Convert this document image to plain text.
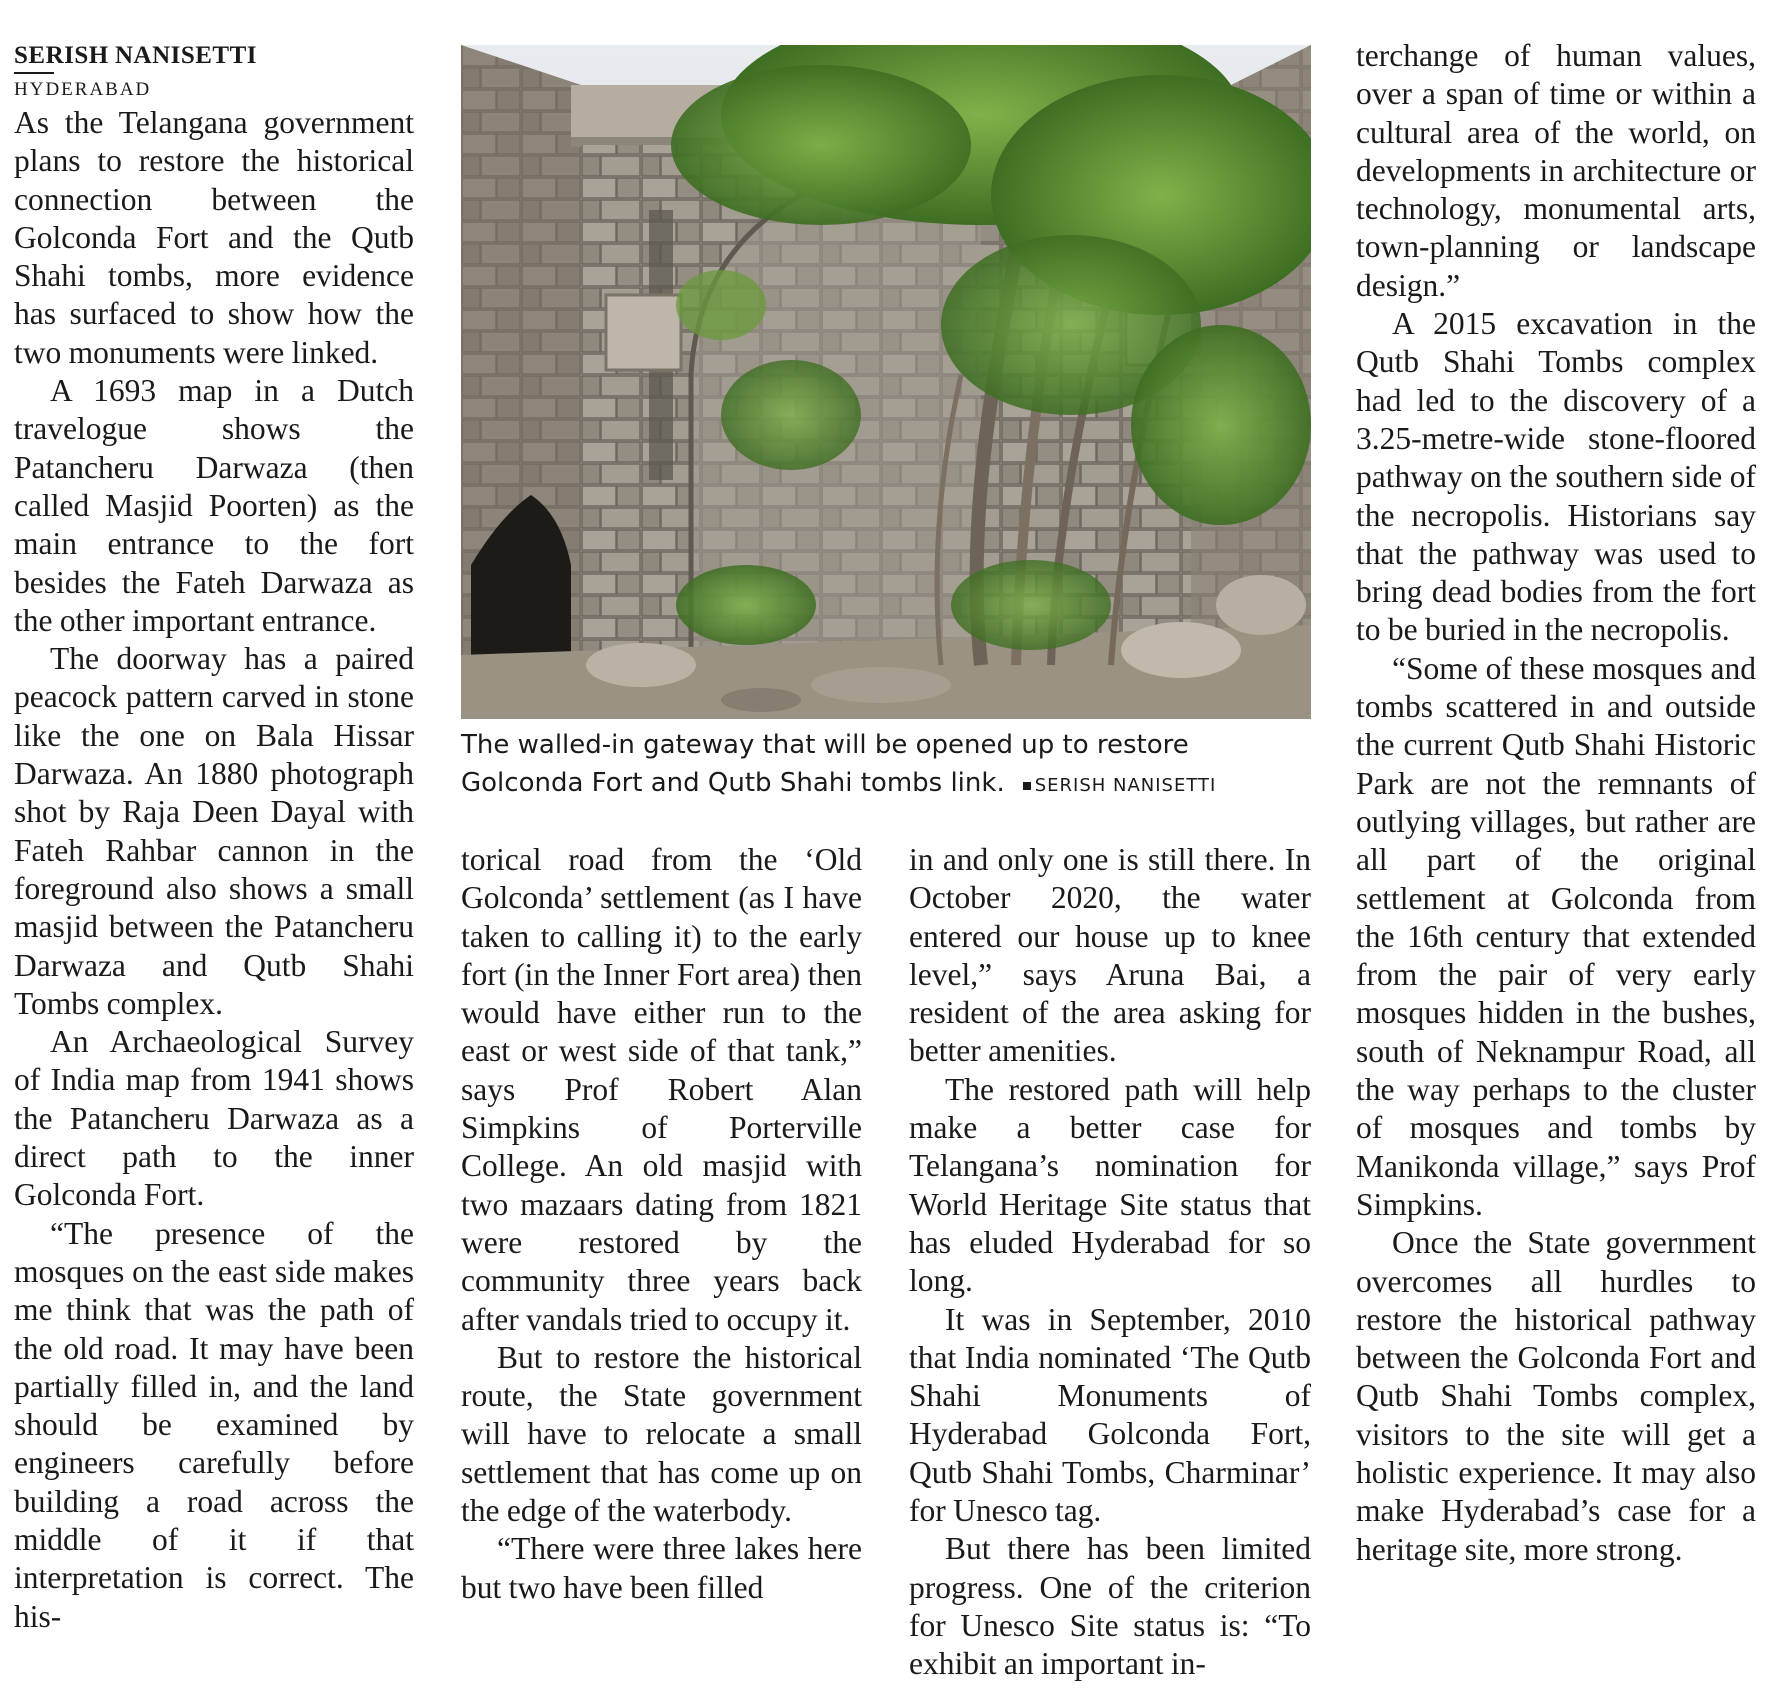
SERISH NANISETTI
HYDERABAD

As the Telangana government plans to restore the historical connection between the Golconda Fort and the Qutb Shahi tombs, more evidence has surfaced to show how the two monuments were linked.

A 1693 map in a Dutch travelogue shows the Patancheru Darwaza (then called Masjid Poorten) as the main entrance to the fort besides the Fateh Darwaza as the other important entrance.

The doorway has a paired peacock pattern carved in stone like the one on Bala Hissar Darwaza. An 1880 photograph shot by Raja Deen Dayal with Fateh Rahbar cannon in the foreground also shows a small masjid between the Patancheru Darwaza and Qutb Shahi Tombs complex.

An Archaeological Survey of India map from 1941 shows the Patancheru Darwaza as a direct path to the inner Golconda Fort.

“The presence of the mosques on the east side makes me think that was the path of the old road. It may have been partially filled in, and the land should be examined by engineers carefully before building a road across the middle of it if that interpretation is correct. The his-

The walled-in gateway that will be opened up to restore Golconda Fort and Qutb Shahi tombs link. SERISH NANISETTI

torical road from the ‘Old Golconda’ settlement (as I have taken to calling it) to the early fort (in the Inner Fort area) then would have either run to the east or west side of that tank,” says Prof Robert Alan Simpkins of Porterville College. An old masjid with two mazaars dating from 1821 were restored by the community three years back after vandals tried to occupy it.

But to restore the historical route, the State government will have to relocate a small settlement that has come up on the edge of the waterbody.

“There were three lakes here but two have been filled

in and only one is still there. In October 2020, the water entered our house up to knee level,” says Aruna Bai, a resident of the area asking for better amenities.

The restored path will help make a better case for Telangana’s nomination for World Heritage Site status that has eluded Hyderabad for so long.

It was in September, 2010 that India nominated ‘The Qutb Shahi Monuments of Hyderabad Golconda Fort, Qutb Shahi Tombs, Charminar’ for Unesco tag.

But there has been limited progress. One of the criterion for Unesco Site status is: “To exhibit an important in-

terchange of human values, over a span of time or within a cultural area of the world, on developments in architecture or technology, monumental arts, town-planning or landscape design.”

A 2015 excavation in the Qutb Shahi Tombs complex had led to the discovery of a 3.25-metre-wide stone-floored pathway on the southern side of the necropolis. Historians say that the pathway was used to bring dead bodies from the fort to be buried in the necropolis.

“Some of these mosques and tombs scattered in and outside the current Qutb Shahi Historic Park are not the remnants of outlying villages, but rather are all part of the original settlement at Golconda from the 16th century that extended from the pair of very early mosques hidden in the bushes, south of Neknampur Road, all the way perhaps to the cluster of mosques and tombs by Manikonda village,” says Prof Simpkins.

Once the State government overcomes all hurdles to restore the historical pathway between the Golconda Fort and Qutb Shahi Tombs complex, visitors to the site will get a holistic experience. It may also make Hyderabad’s case for a heritage site, more strong.
